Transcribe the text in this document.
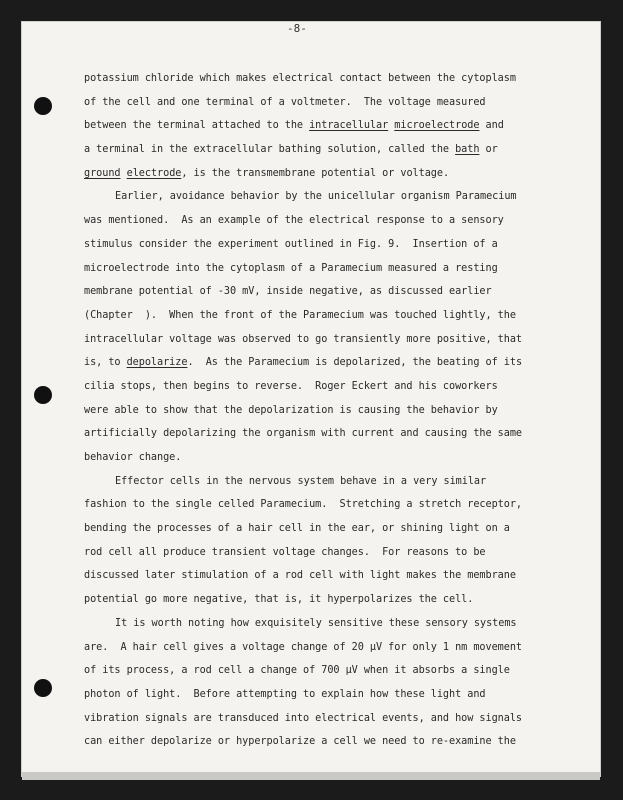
-8-
potassium chloride which makes electrical contact between the cytoplasm
of the cell and one terminal of a voltmeter.  The voltage measured
between the terminal attached to the intracellular microelectrode and
a terminal in the extracellular bathing solution, called the bath or
ground electrode, is the transmembrane potential or voltage.
Earlier, avoidance behavior by the unicellular organism Paramecium
was mentioned.  As an example of the electrical response to a sensory
stimulus consider the experiment outlined in Fig. 9.  Insertion of a
microelectrode into the cytoplasm of a Paramecium measured a resting
membrane potential of -30 mV, inside negative, as discussed earlier
(Chapter  ).  When the front of the Paramecium was touched lightly, the
intracellular voltage was observed to go transiently more positive, that
is, to depolarize.  As the Paramecium is depolarized, the beating of its
cilia stops, then begins to reverse.  Roger Eckert and his coworkers
were able to show that the depolarization is causing the behavior by
artificially depolarizing the organism with current and causing the same
behavior change.
Effector cells in the nervous system behave in a very similar
fashion to the single celled Paramecium.  Stretching a stretch receptor,
bending the processes of a hair cell in the ear, or shining light on a
rod cell all produce transient voltage changes.  For reasons to be
discussed later stimulation of a rod cell with light makes the membrane
potential go more negative, that is, it hyperpolarizes the cell.
It is worth noting how exquisitely sensitive these sensory systems
are.  A hair cell gives a voltage change of 20 μV for only 1 nm movement
of its process, a rod cell a change of 700 μV when it absorbs a single
photon of light.  Before attempting to explain how these light and
vibration signals are transduced into electrical events, and how signals
can either depolarize or hyperpolarize a cell we need to re-examine the
